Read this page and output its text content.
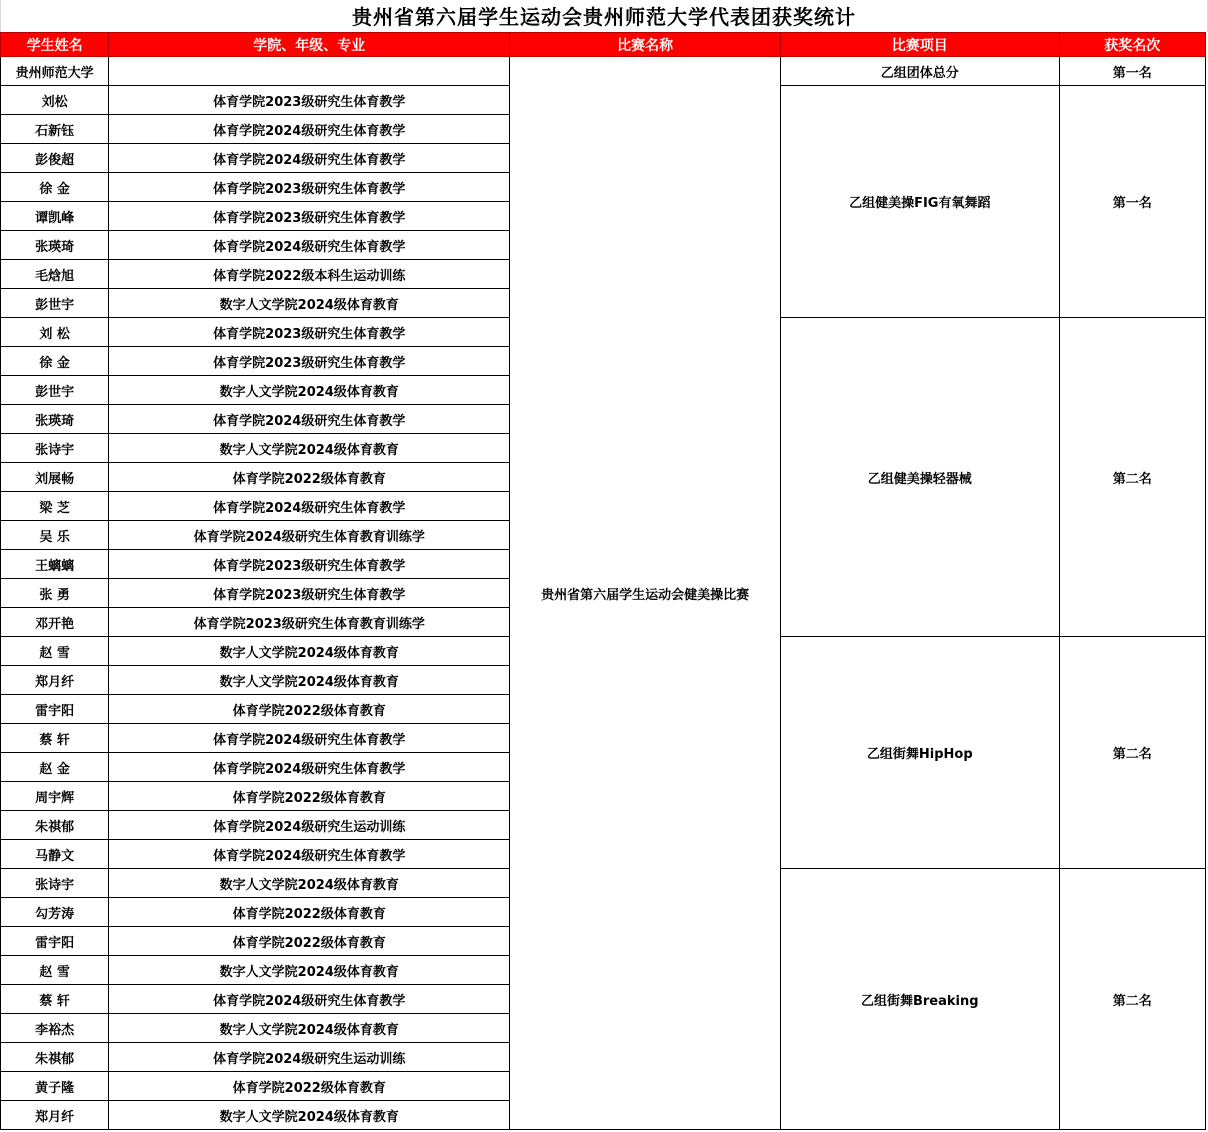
贵州省第六届学生运动会贵州师范大学代表团获奖统计
学生姓名	学院、年级、专业	比赛名称	比赛项目	获奖名次
贵州师范大学		贵州省第六届学生运动会健美操比赛	乙组团体总分	第一名
刘松	体育学院2023级研究生体育教学		乙组健美操FIG有氧舞蹈	第一名
石新钰	体育学院2024级研究生体育教学			
彭俊超	体育学院2024级研究生体育教学			
徐 金	体育学院2023级研究生体育教学			
谭凯峰	体育学院2023级研究生体育教学			
张瑛琦	体育学院2024级研究生体育教学			
毛焓旭	体育学院2022级本科生运动训练			
彭世宇	数字人文学院2024级体育教育			
刘 松	体育学院2023级研究生体育教学		乙组健美操轻器械	第二名
徐 金	体育学院2023级研究生体育教学			
彭世宇	数字人文学院2024级体育教育			
张瑛琦	体育学院2024级研究生体育教学			
张诗宇	数字人文学院2024级体育教育			
刘展畅	体育学院2022级体育教育			
梁 芝	体育学院2024级研究生体育教学			
吴 乐	体育学院2024级研究生体育教育训练学			
王螭螭	体育学院2023级研究生体育教学			
张 勇	体育学院2023级研究生体育教学			
邓开艳	体育学院2023级研究生体育教育训练学			
赵 雪	数字人文学院2024级体育教育		乙组街舞HipHop	第二名
郑月纤	数字人文学院2024级体育教育			
雷宇阳	体育学院2022级体育教育			
蔡 轩	体育学院2024级研究生体育教学			
赵 金	体育学院2024级研究生体育教学			
周宇辉	体育学院2022级体育教育			
朱祺郁	体育学院2024级研究生运动训练			
马静文	体育学院2024级研究生体育教学			
张诗宇	数字人文学院2024级体育教育		乙组街舞Breaking	第二名
勾芳涛	体育学院2022级体育教育			
雷宇阳	体育学院2022级体育教育			
赵 雪	数字人文学院2024级体育教育			
蔡 轩	体育学院2024级研究生体育教学			
李裕杰	数字人文学院2024级体育教育			
朱祺郁	体育学院2024级研究生运动训练			
黄子隆	体育学院2022级体育教育			
郑月纤	数字人文学院2024级体育教育			
